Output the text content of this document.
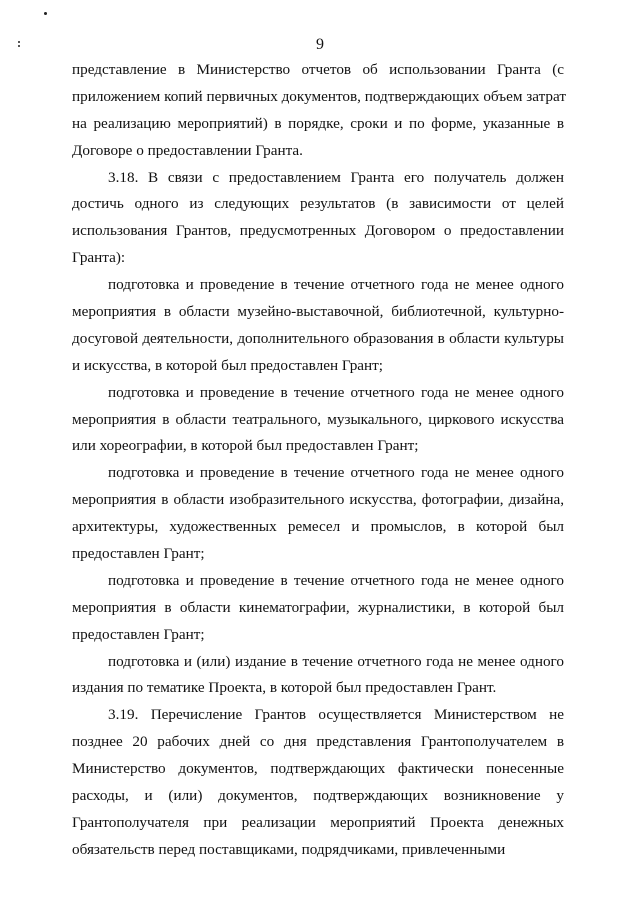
9
представление в Министерство отчетов об использовании Гранта (с
приложением копий первичных документов, подтверждающих объем затрат
на реализацию мероприятий) в порядке, сроки и по форме, указанные в
Договоре о предоставлении Гранта.
3.18. В связи с предоставлением Гранта его получатель должен
достичь одного из следующих результатов (в зависимости от целей
использования Грантов, предусмотренных Договором о предоставлении
Гранта):
подготовка и проведение в течение отчетного года не менее одного
мероприятия в области музейно-выставочной, библиотечной, культурно-
досуговой деятельности, дополнительного образования в области культуры
и искусства, в которой был предоставлен Грант;
подготовка и проведение в течение отчетного года не менее одного
мероприятия в области театрального, музыкального, циркового искусства
или хореографии, в которой был предоставлен Грант;
подготовка и проведение в течение отчетного года не менее одного
мероприятия в области изобразительного искусства, фотографии, дизайна,
архитектуры, художественных ремесел и промыслов, в которой был
предоставлен Грант;
подготовка и проведение в течение отчетного года не менее одного
мероприятия в области кинематографии, журналистики, в которой был
предоставлен Грант;
подготовка и (или) издание в течение отчетного года не менее одного
издания по тематике Проекта, в которой был предоставлен Грант.
3.19. Перечисление Грантов осуществляется Министерством не
позднее 20 рабочих дней со дня представления Грантополучателем в
Министерство документов, подтверждающих фактически понесенные
расходы, и (или) документов, подтверждающих возникновение у
Грантополучателя при реализации мероприятий Проекта денежных
обязательств перед поставщиками, подрядчиками, привлеченными
